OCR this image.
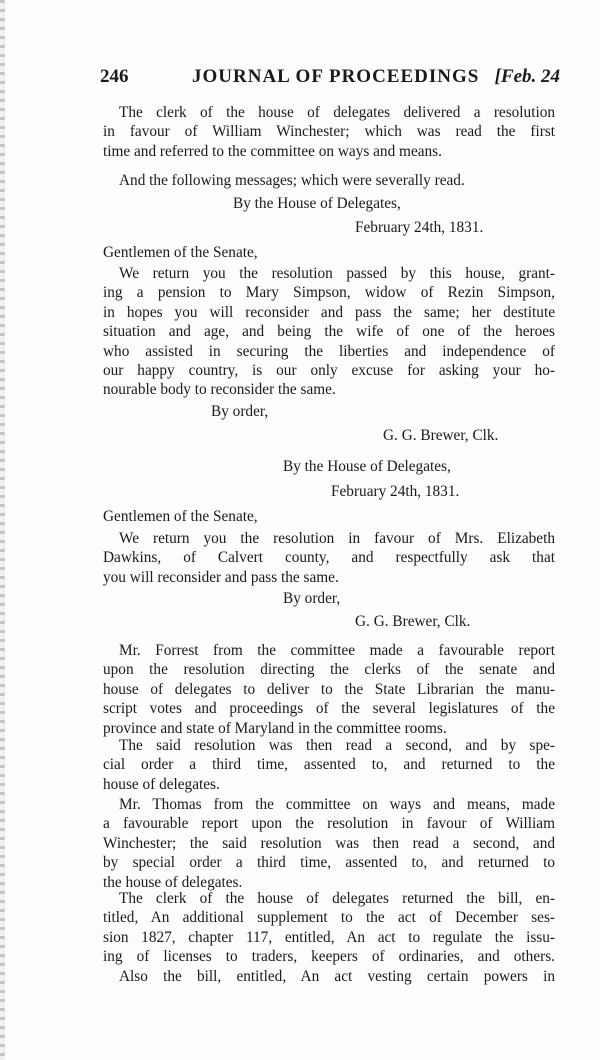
246	JOURNAL OF PROCEEDINGS [Feb. 24
The clerk of the house of delegates delivered a resolution
in favour of William Winchester; which was read the first
time and referred to the committee on ways and means.
And the following messages; which were severally read.
By the House of Delegates,
February 24th, 1831.
Gentlemen of the Senate,
We return you the resolution passed by this house, grant-
ing a pension to Mary Simpson, widow of Rezin Simpson,
in hopes you will reconsider and pass the same; her destitute
situation and age, and being the wife of one of the heroes
who assisted in securing the liberties and independence of
our happy country, is our only excuse for asking your ho-
nourable body to reconsider the same.
By order,
G. G. Brewer, Clk.
By the House of Delegates,
February 24th, 1831.
Gentlemen of the Senate,
We return you the resolution in favour of Mrs. Elizabeth
Dawkins, of Calvert county, and respectfully ask that
you will reconsider and pass the same.
By order,
G. G. Brewer, Clk.
Mr. Forrest from the committee made a favourable report
upon the resolution directing the clerks of the senate and
house of delegates to deliver to the State Librarian the manu-
script votes and proceedings of the several legislatures of the
province and state of Maryland in the committee rooms.
The said resolution was then read a second, and by spe-
cial order a third time, assented to, and returned to the
house of delegates.
Mr. Thomas from the committee on ways and means, made
a favourable report upon the resolution in favour of William
Winchester; the said resolution was then read a second, and
by special order a third time, assented to, and returned to
the house of delegates.
The clerk of the house of delegates returned the bill, en-
titled, An additional supplement to the act of December ses-
sion 1827, chapter 117, entitled, An act to regulate the issu-
ing of licenses to traders, keepers of ordinaries, and others.
Also the bill, entitled, An act vesting certain powers in
